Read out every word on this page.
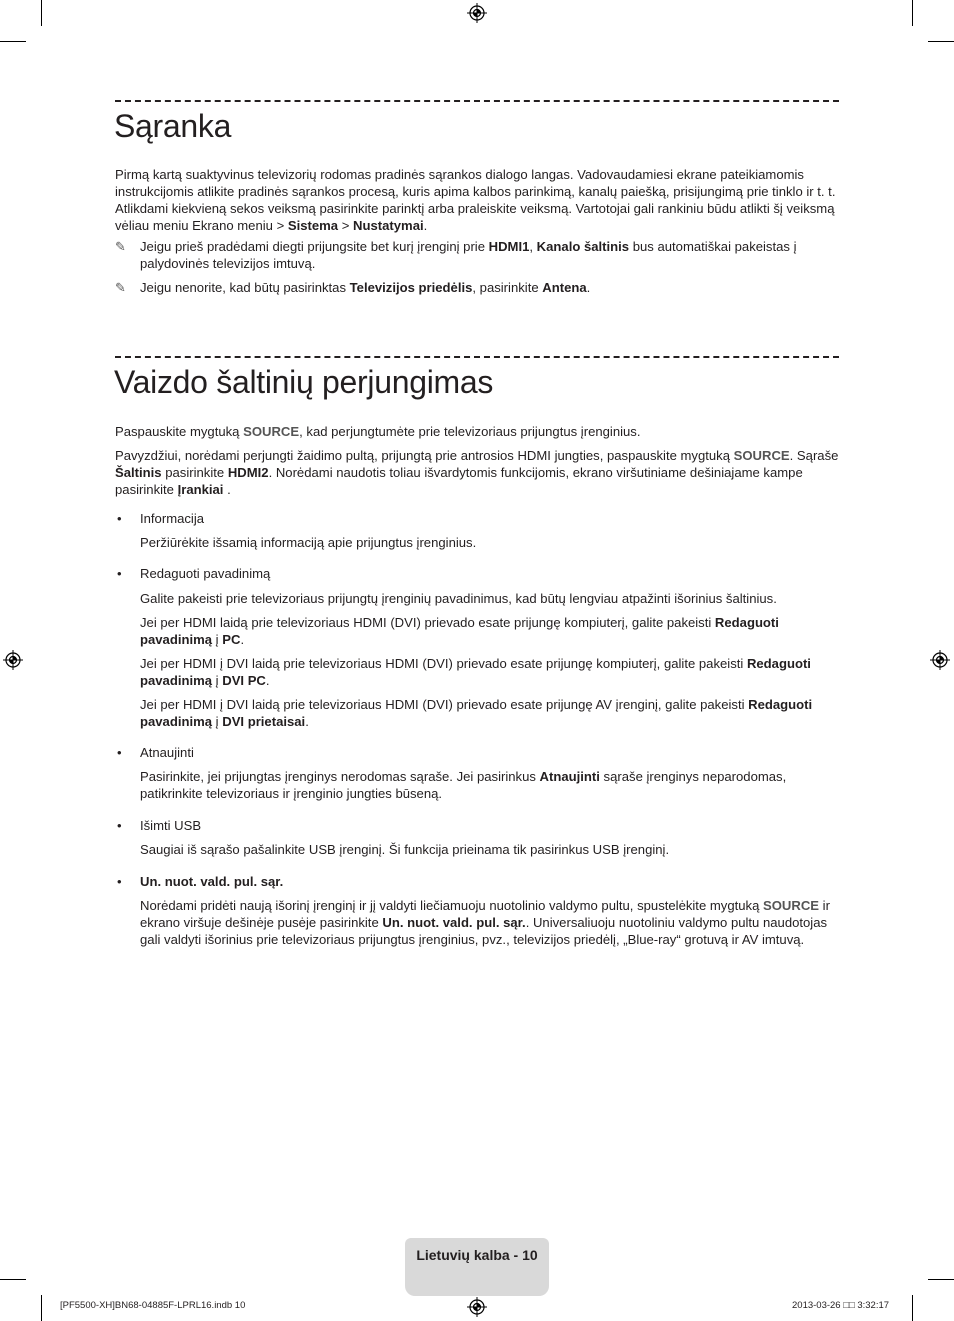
Sąranka

Pirmą kartą suaktyvinus televizorių rodomas pradinės sąrankos dialogo langas. Vadovaudamiesi ekrane pateikiamomis instrukcijomis atlikite pradinės sąrankos procesą, kuris apima kalbos parinkimą, kanalų paiešką, prisijungimą prie tinklo ir t. t. Atlikdami kiekvieną sekos veiksmą pasirinkite parinktį arba praleiskite veiksmą. Vartotojai gali rankiniu būdu atlikti šį veiksmą vėliau meniu Ekrano meniu > Sistema > Nustatymai.

✎	Jeigu prieš pradėdami diegti prijungsite bet kurį įrenginį prie HDMI1, Kanalo šaltinis bus automatiškai pakeistas į palydovinės televizijos imtuvą.
✎	Jeigu nenorite, kad būtų pasirinktas Televizijos priedėlis, pasirinkite Antena.
Vaizdo šaltinių perjungimas

Paspauskite mygtuką SOURCE, kad perjungtumėte prie televizoriaus prijungtus įrenginius.

Pavyzdžiui, norėdami perjungti žaidimo pultą, prijungtą prie antrosios HDMI jungties, paspauskite mygtuką SOURCE. Sąraše Šaltinis pasirinkite HDMI2. Norėdami naudotis toliau išvardytomis funkcijomis, ekrano viršutiniame dešiniajame kampe pasirinkite Įrankiai .

• Informacija

Peržiūrėkite išsamią informaciją apie prijungtus įrenginius.

• Redaguoti pavadinimą

Galite pakeisti prie televizoriaus prijungtų įrenginių pavadinimus, kad būtų lengviau atpažinti išorinius šaltinius.

Jei per HDMI laidą prie televizoriaus HDMI (DVI) prievado esate prijungę kompiuterį, galite pakeisti Redaguoti pavadinimą į PC.

Jei per HDMI į DVI laidą prie televizoriaus HDMI (DVI) prievado esate prijungę kompiuterį, galite pakeisti Redaguoti pavadinimą į DVI PC.

Jei per HDMI į DVI laidą prie televizoriaus HDMI (DVI) prievado esate prijungę AV įrenginį, galite pakeisti Redaguoti pavadinimą į DVI prietaisai.

• Atnaujinti

Pasirinkite, jei prijungtas įrenginys nerodomas sąraše. Jei pasirinkus Atnaujinti sąraše įrenginys neparodomas, patikrinkite televizoriaus ir įrenginio jungties būseną.

• Išimti USB

Saugiai iš sąrašo pašalinkite USB įrenginį. Ši funkcija prieinama tik pasirinkus USB įrenginį.

• Un. nuot. vald. pul. sąr.

Norėdami pridėti naują išorinį įrenginį ir jį valdyti liečiamuoju nuotolinio valdymo pultu, spustelėkite mygtuką SOURCE ir ekrano viršuje dešinėje pusėje pasirinkite Un. nuot. vald. pul. sąr.. Universaliuoju nuotoliniu valdymo pultu naudotojas gali valdyti išorinius prie televizoriaus prijungtus įrenginius, pvz., televizijos priedėlį, „Blue-ray“ grotuvą ir AV imtuvą.

Lietuvių kalba - 10
[PF5500-XH]BN68-04885F-LPRL16.indb 10	2013-03-26 □□ 3:32:17
